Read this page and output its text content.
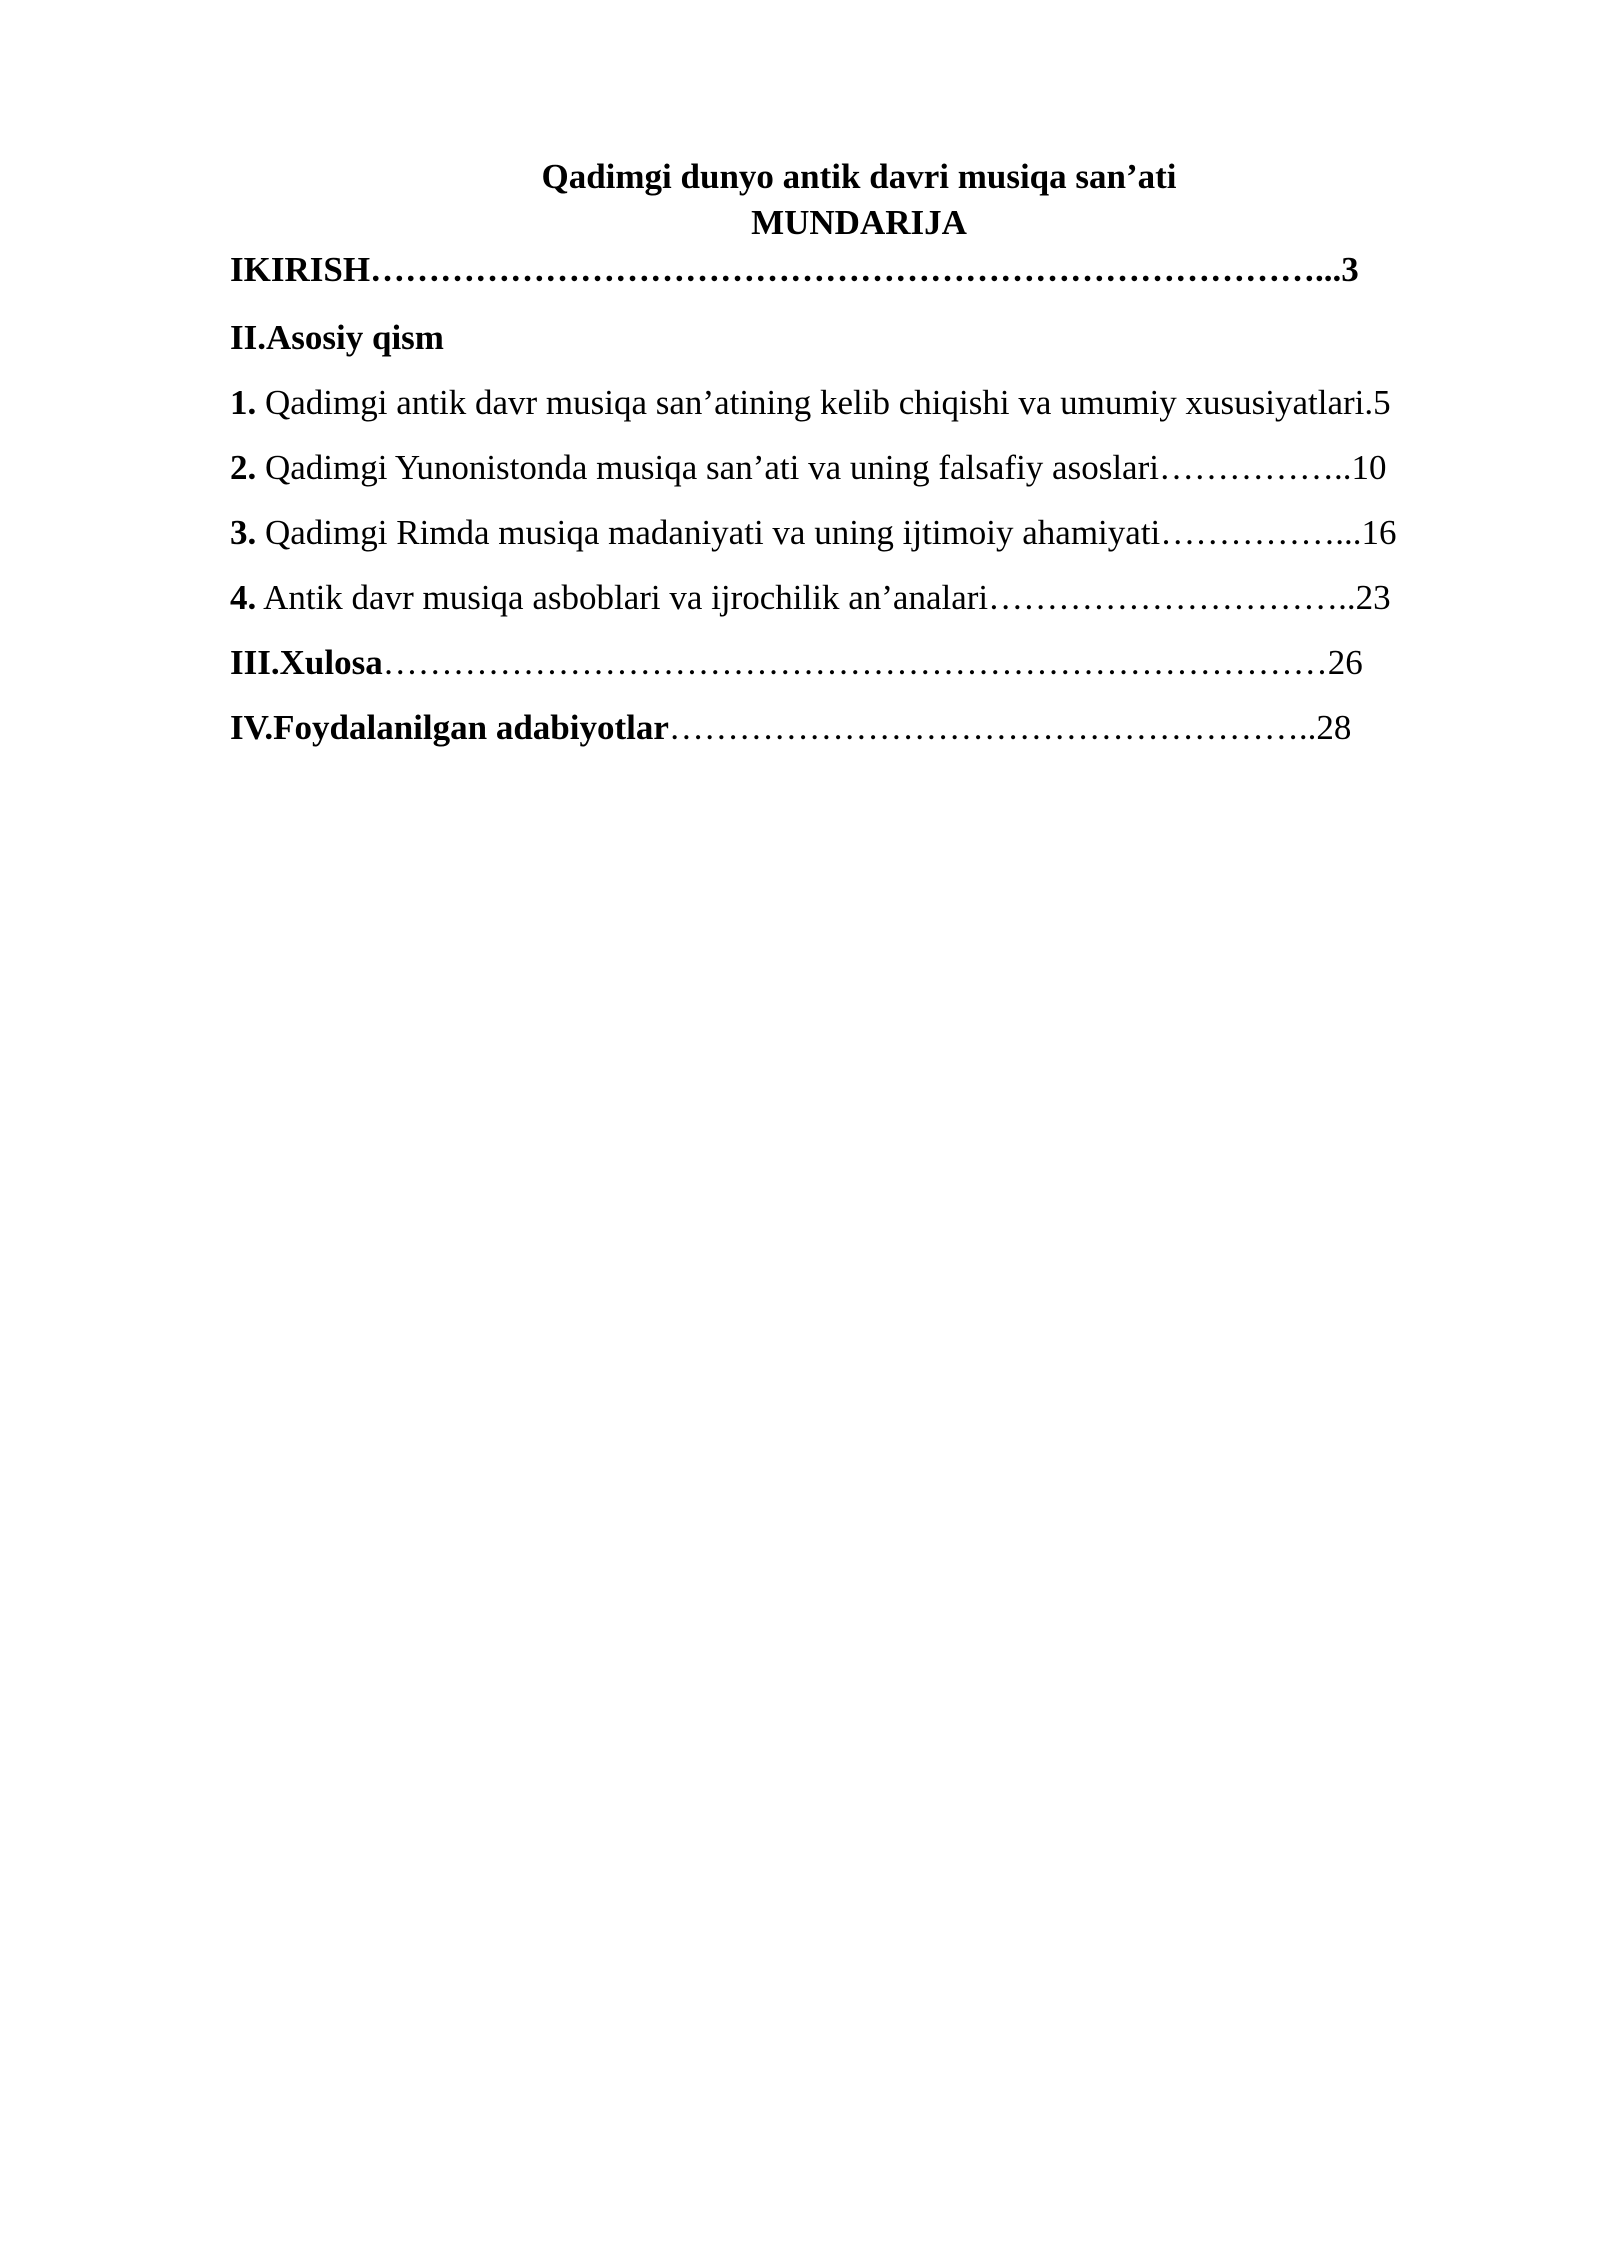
Qadimgi dunyo antik davri musiqa san’ati
MUNDARIJA
IKIRISH………………………………………………………………………...3
II.Asosiy qism
1. Qadimgi antik davr musiqa san’atining kelib chiqishi va umumiy xususiyatlari.5
2. Qadimgi Yunonistonda musiqa san’ati va uning falsafiy asoslari……………..10
3. Qadimgi Rimda musiqa madaniyati va uning ijtimoiy ahamiyati……………...16
4. Antik davr musiqa asboblari va ijrochilik an’analari…………………………..23
III.Xulosa………………………………………………………………………26
IV.Foydalanilgan adabiyotlar………………………………………………..28
